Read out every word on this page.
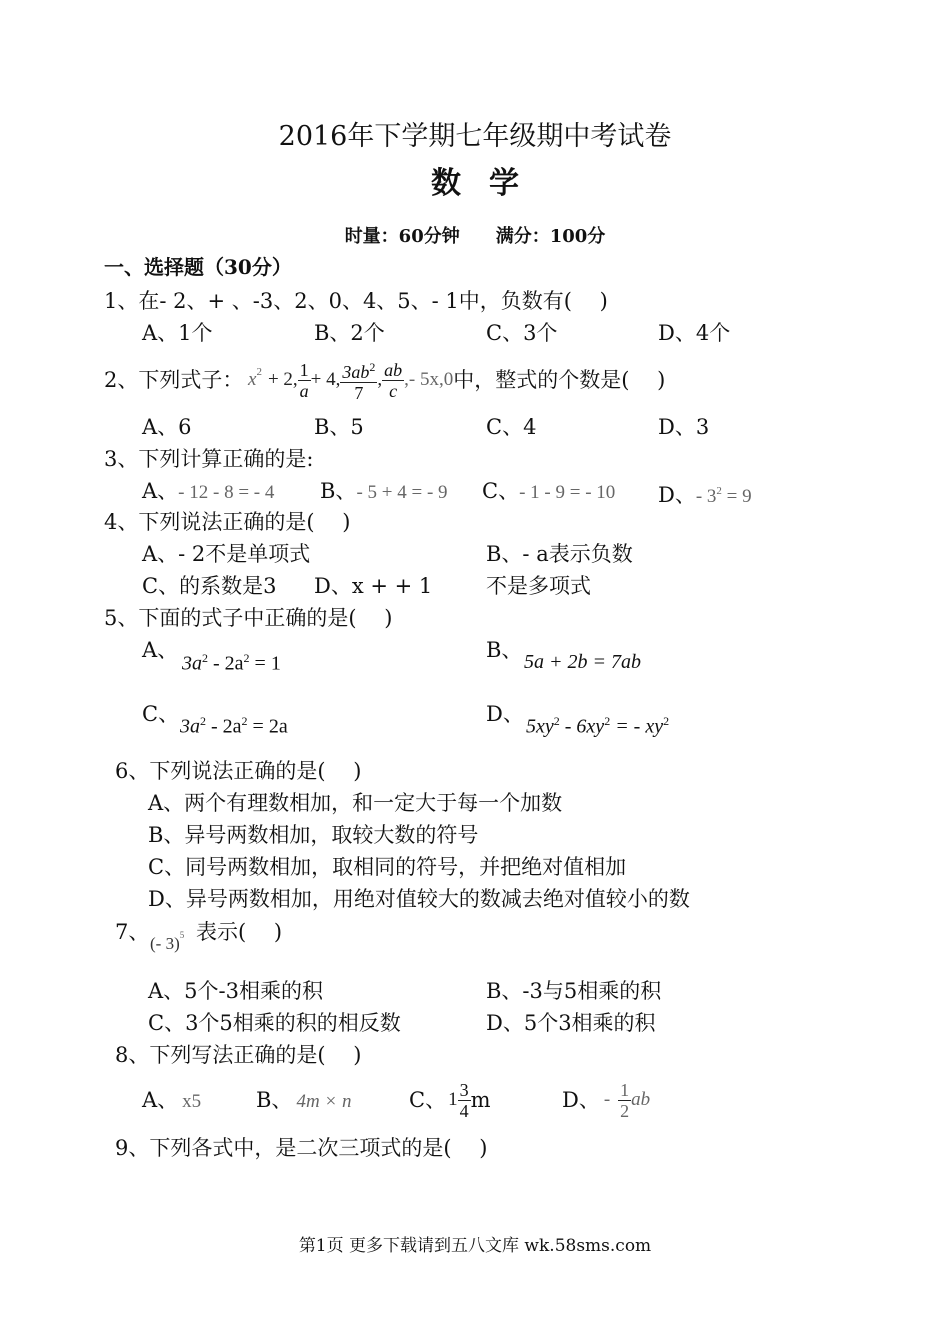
2016年下学期七年级期中考试卷
数学
时量：60分钟　　满分：100分
一、选择题（30分）
1、在- 2、+ 、-3、2、0、4、5、- 1中，负数有(　 )
A、1个	B、2个	C、3个	D、4个
2、下列式子： $x^2 + 2$, $\frac{1}{a} + 4$, $\frac{3ab^2}{7}$ , $\frac{ab}{c}$ ,- 5x,0 中，整式的个数是(　 )
A、6	B、5	C、4	D、3
3、下列计算正确的是:
A、- 12 - 8 = - 4 B、- 5 + 4 = - 9 C、- 1 - 9 = - 10 D、- $3^2 = 9$
4、下列说法正确的是(　 )
A、- 2不是单项式	B、- a表示负数
C、的系数是3 D、x + + 1	不是多项式
5、下面的式子中正确的是(　 )
A、
$3a^2 - 2a^2 = 1$
B、 5a + 2b = 7ab
C、
$3a^2 - 2a^2 = 2a$
D、
$5xy^2 - 6xy^2$ = - $xy^2$
6、下列说法正确的是(　 )
A、两个有理数相加，和一定大于每一个加数
B、异号两数相加，取较大数的符号
C、同号两数相加，取相同的符号，并把绝对值相加
D、异号两数相加，用绝对值较大的数减去绝对值较小的数
7、 表示(　 )
(- 3)$^5$
A、5个-3相乘的积	B、-3与5相乘的积
C、3个5相乘的积的相反数	D、5个3相乘的积
8、下列写法正确的是(　 )
A、 x5	B、 4m × n	C、 $1 \frac{3}{4}$ m	D、 - $\frac{1}{2}$ ab
9、下列各式中，是二次三项式的是(　 )
第1页 更多下载请到五八文库 wk.58sms.com
